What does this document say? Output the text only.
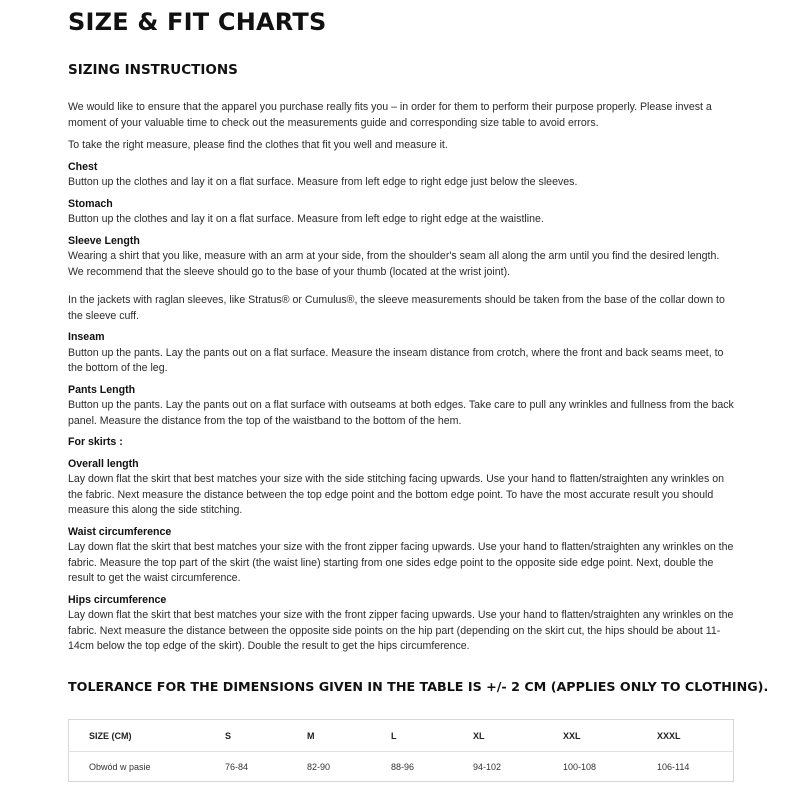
SIZE & FIT CHARTS
SIZING INSTRUCTIONS

We would like to ensure that the apparel you purchase really fits you – in order for them to perform their purpose properly. Please invest a moment of your valuable time to check out the measurements guide and corresponding size table to avoid errors.

To take the right measure, please find the clothes that fit you well and measure it.

Chest

Button up the clothes and lay it on a flat surface. Measure from left edge to right edge just below the sleeves.

Stomach

Button up the clothes and lay it on a flat surface. Measure from left edge to right edge at the waistline.

Sleeve Length

Wearing a shirt that you like, measure with an arm at your side, from the shoulder's seam all along the arm until you find the desired length. We recommend that the sleeve should go to the base of your thumb (located at the wrist joint).

In the jackets with raglan sleeves, like Stratus® or Cumulus®, the sleeve measurements should be taken from the base of the collar down to the sleeve cuff.

Inseam

Button up the pants. Lay the pants out on a flat surface. Measure the inseam distance from crotch, where the front and back seams meet, to the bottom of the leg.

Pants Length

Button up the pants. Lay the pants out on a flat surface with outseams at both edges. Take care to pull any wrinkles and fullness from the back panel. Measure the distance from the top of the waistband to the bottom of the hem.

For skirts :
Overall length

Lay down flat the skirt that best matches your size with the side stitching facing upwards. Use your hand to flatten/straighten any wrinkles on the fabric. Next measure the distance between the top edge point and the bottom edge point. To have the most accurate result you should measure this along the side stitching.

Waist circumference

Lay down flat the skirt that best matches your size with the front zipper facing upwards. Use your hand to flatten/straighten any wrinkles on the fabric. Measure the top part of the skirt (the waist line) starting from one sides edge point to the opposite side edge point. Next, double the result to get the waist circumference.

Hips circumference

Lay down flat the skirt that best matches your size with the front zipper facing upwards. Use your hand to flatten/straighten any wrinkles on the fabric. Next measure the distance between the opposite side points on the hip part (depending on the skirt cut, the hips should be about 11-14cm below the top edge of the skirt). Double the result to get the hips circumference.

TOLERANCE FOR THE DIMENSIONS GIVEN IN THE TABLE IS +/- 2 CM (APPLIES ONLY TO CLOTHING).
SIZE (CM)	S	M	L	XL	XXL	XXXL
Obwód w pasie	76-84	82-90	88-96	94-102	100-108	106-114
